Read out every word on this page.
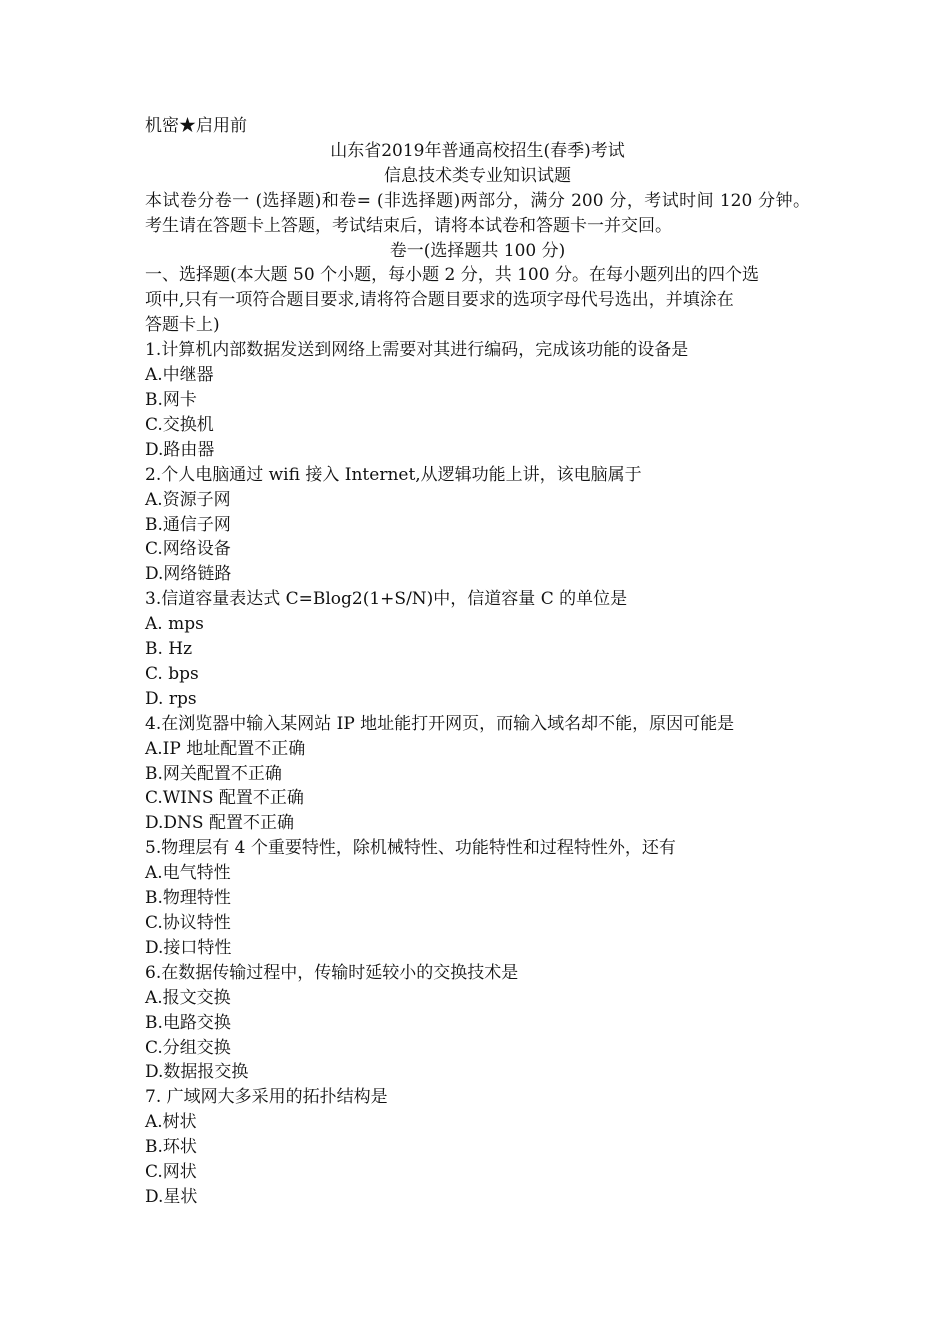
机密★启用前
山东省2019年普通高校招生(春季)考试
信息技术类专业知识试题
本试卷分卷一 (选择题)和卷= (非选择题)两部分，满分 200 分，考试时间 120 分钟。考生请在答题卡上答题，考试结束后，请将本试卷和答题卡一并交回。
卷一(选择题共 100 分)
一、选择题(本大题 50 个小题，每小题 2 分，共 100 分。在每小题列出的四个选
项中,只有一项符合题目要求,请将符合题目要求的选项字母代号选出，并填涂在
答题卡上)
1.计算机内部数据发送到网络上需要对其进行编码，完成该功能的设备是
A.中继器
B.网卡
C.交换机
D.路由器
2.个人电脑通过 wifi 接入 Internet,从逻辑功能上讲，该电脑属于
A.资源子网
B.通信子网
C.网络设备
D.网络链路
3.信道容量表达式 C=Blog2(1+S/N)中，信道容量 C 的单位是
A. mps
B. Hz
C. bps
D. rps
4.在浏览器中输入某网站 IP 地址能打开网页，而输入域名却不能，原因可能是
A.IP 地址配置不正确
B.网关配置不正确
C.WINS 配置不正确
D.DNS 配置不正确
5.物理层有 4 个重要特性，除机械特性、功能特性和过程特性外，还有
A.电气特性
B.物理特性
C.协议特性
D.接口特性
6.在数据传输过程中，传输时延较小的交换技术是
A.报文交换
B.电路交换
C.分组交换
D.数据报交换
7. 广域网大多采用的拓扑结构是
A.树状
B.环状
C.网状
D.星状
